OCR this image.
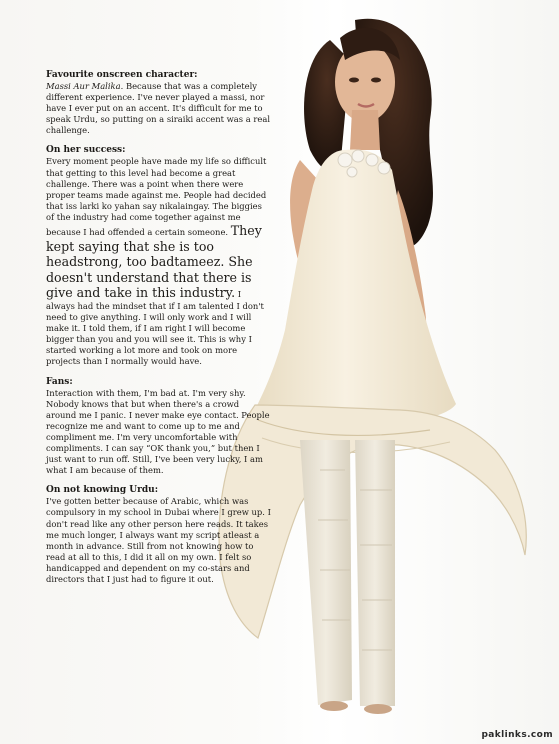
Favourite onscreen character:

Massi Aur Malika. Because that was a completely different experience. I've never played a massi, nor have I ever put on an accent. It's difficult for me to speak Urdu, so putting on a siraiki accent was a real challenge.

On her success:

Every moment people have made my life so difficult that getting to this level had become a great challenge. There was a point when there were proper teams made against me. People had decided that iss larki ko yahan say nikalaingay. The biggies of the industry had come together against me because I had offended a certain someone. They kept saying that she is too headstrong, too badtameez. She doesn't understand that there is give and take in this industry. I always had the mindset that if I am talented I don't need to give anything. I will only work and I will make it. I told them, if I am right I will become bigger than you and you will see it. This is why I started working a lot more and took on more projects than I normally would have.

Fans:

Interaction with them, I'm bad at. I'm very shy. Nobody knows that but when there's a crowd around me I panic. I never make eye contact. People recognize me and want to come up to me and compliment me. I'm very uncomfortable with compliments. I can say “OK thank you,” but then I just want to run off. Still, I've been very lucky, I am what I am because of them.

On not knowing Urdu:

I've gotten better because of Arabic, which was compulsory in my school in Dubai where I grew up. I don't read like any other person here reads. It takes me much longer, I always want my script atleast a month in advance. Still from not knowing how to read at all to this, I did it all on my own. I felt so handicapped and dependent on my co-stars and directors that I just had to figure it out.

paklinks.com
